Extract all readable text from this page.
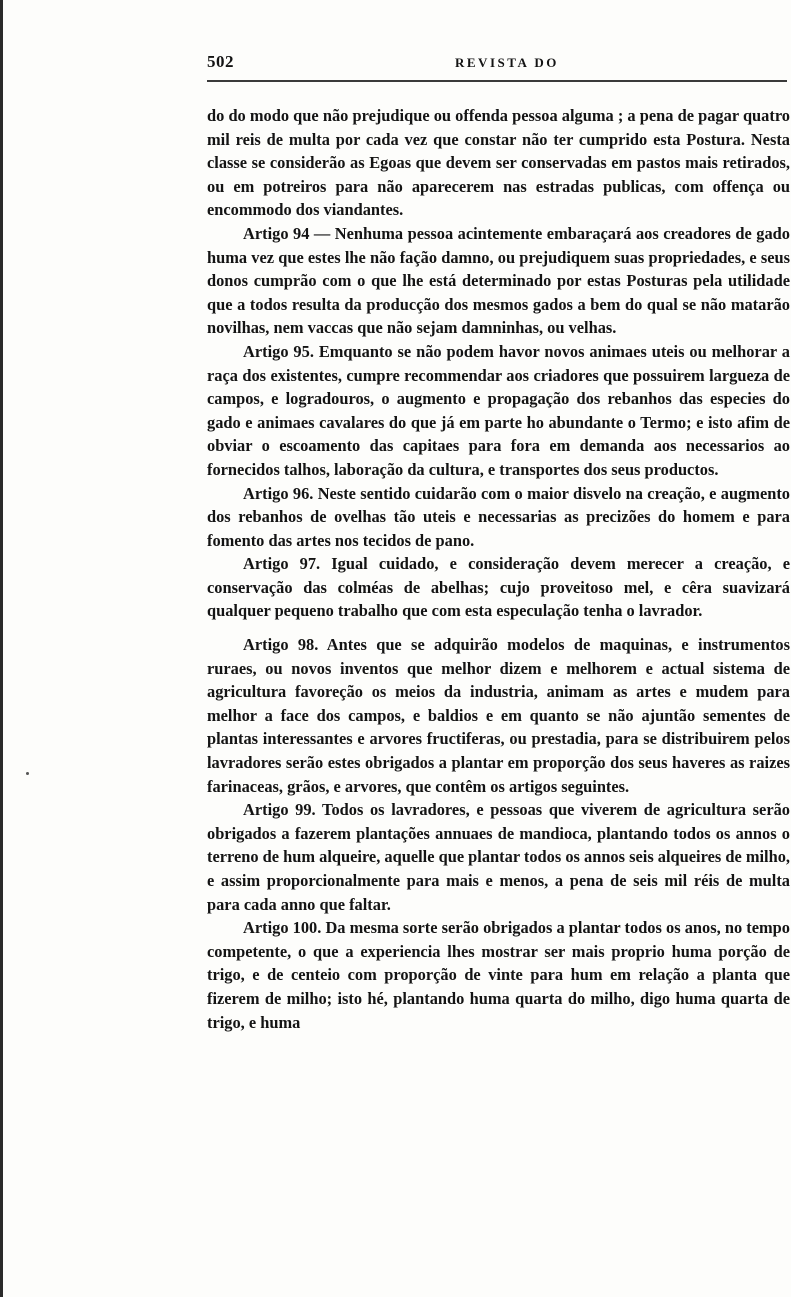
502	REVISTA DO

do do modo que não prejudique ou offenda pessoa alguma ; a pena de pagar quatro mil reis de multa por cada vez que constar não ter cumprido esta Postura. Nesta classe se considerão as Egoas que devem ser conservadas em pastos mais retirados, ou em potreiros para não aparecerem nas estradas publicas, com offença ou encommodo dos viandantes.

Artigo 94 — Nenhuma pessoa acintemente embaraçará aos creadores de gado huma vez que estes lhe não fação damno, ou prejudiquem suas propriedades, e seus donos cumprão com o que lhe está determinado por estas Posturas pela utilidade que a todos resulta da producção dos mesmos gados a bem do qual se não matarão novilhas, nem vaccas que não sejam damninhas, ou velhas.

Artigo 95. Emquanto se não podem havor novos animaes uteis ou melhorar a raça dos existentes, cumpre recommendar aos criadores que possuirem largueza de campos, e logradouros, o augmento e propagação dos rebanhos das especies do gado e animaes cavalares do que já em parte ho abundante o Termo; e isto afim de obviar o escoamento das capitaes para fora em demanda aos necessarios ao fornecidos talhos, laboração da cultura, e transportes dos seus productos.

Artigo 96. Neste sentido cuidarão com o maior disvelo na creação, e augmento dos rebanhos de ovelhas tão uteis e necessarias as precizões do homem e para fomento das artes nos tecidos de pano.

Artigo 97. Igual cuidado, e consideração devem merecer a creação, e conservação das colméas de abelhas; cujo proveitoso mel, e cêra suavizará qualquer pequeno trabalho que com esta especulação tenha o lavrador.

Artigo 98. Antes que se adquirão modelos de maquinas, e instrumentos ruraes, ou novos inventos que melhor dizem e melhorem e actual sistema de agricultura favoreção os meios da industria, animam as artes e mudem para melhor a face dos campos, e baldios e em quanto se não ajuntão sementes de plantas interessantes e arvores fructiferas, ou prestadia, para se distribuirem pelos lavradores serão estes obrigados a plantar em proporção dos seus haveres as raizes farinaceas, grãos, e arvores, que contêm os artigos seguintes.

Artigo 99. Todos os lavradores, e pessoas que viverem de agricultura serão obrigados a fazerem plantações annuaes de mandioca, plantando todos os annos o terreno de hum alqueire, aquelle que plantar todos os annos seis alqueires de milho, e assim proporcionalmente para mais e menos, a pena de seis mil réis de multa para cada anno que faltar.

Artigo 100. Da mesma sorte serão obrigados a plantar todos os anos, no tempo competente, o que a experiencia lhes mostrar ser mais proprio huma porção de trigo, e de centeio com proporção de vinte para hum em relação a planta que fizerem de milho; isto hé, plantando huma quarta do milho, digo huma quarta de trigo, e huma
